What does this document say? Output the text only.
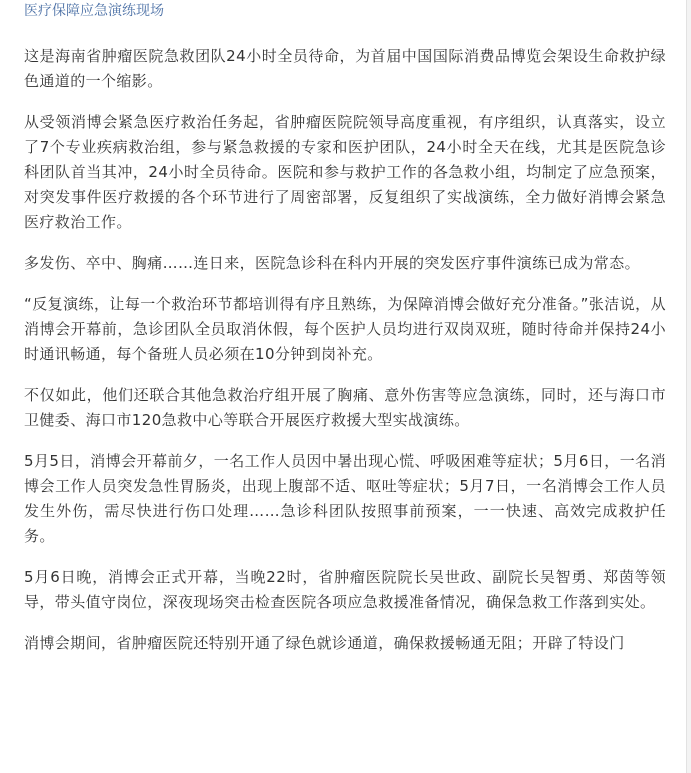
医疗保障应急演练现场

这是海南省肿瘤医院急救团队24小时全员待命，为首届中国国际消费品博览会架设生命救护绿色通道的一个缩影。

从受领消博会紧急医疗救治任务起，省肿瘤医院院领导高度重视，有序组织，认真落实，设立了7个专业疾病救治组，参与紧急救援的专家和医护团队，24小时全天在线，尤其是医院急诊科团队首当其冲，24小时全员待命。医院和参与救护工作的各急救小组，均制定了应急预案，对突发事件医疗救援的各个环节进行了周密部署，反复组织了实战演练，全力做好消博会紧急医疗救治工作。

多发伤、卒中、胸痛……连日来，医院急诊科在科内开展的突发医疗事件演练已成为常态。

“反复演练，让每一个救治环节都培训得有序且熟练，为保障消博会做好充分准备。”张洁说，从消博会开幕前，急诊团队全员取消休假，每个医护人员均进行双岗双班，随时待命并保持24小时通讯畅通，每个备班人员必须在10分钟到岗补充。

不仅如此，他们还联合其他急救治疗组开展了胸痛、意外伤害等应急演练，同时，还与海口市卫健委、海口市120急救中心等联合开展医疗救援大型实战演练。

5月5日，消博会开幕前夕，一名工作人员因中暑出现心慌、呼吸困难等症状；5月6日，一名消博会工作人员突发急性胃肠炎，出现上腹部不适、呕吐等症状；5月7日，一名消博会工作人员发生外伤，需尽快进行伤口处理……急诊科团队按照事前预案，一一快速、高效完成救护任务。

5月6日晚，消博会正式开幕，当晚22时，省肿瘤医院院长吴世政、副院长吴智勇、郑茵等领导，带头值守岗位，深夜现场突击检查医院各项应急救援准备情况，确保急救工作落到实处。

消博会期间，省肿瘤医院还特别开通了绿色就诊通道，确保救援畅通无阻；开辟了特设门
